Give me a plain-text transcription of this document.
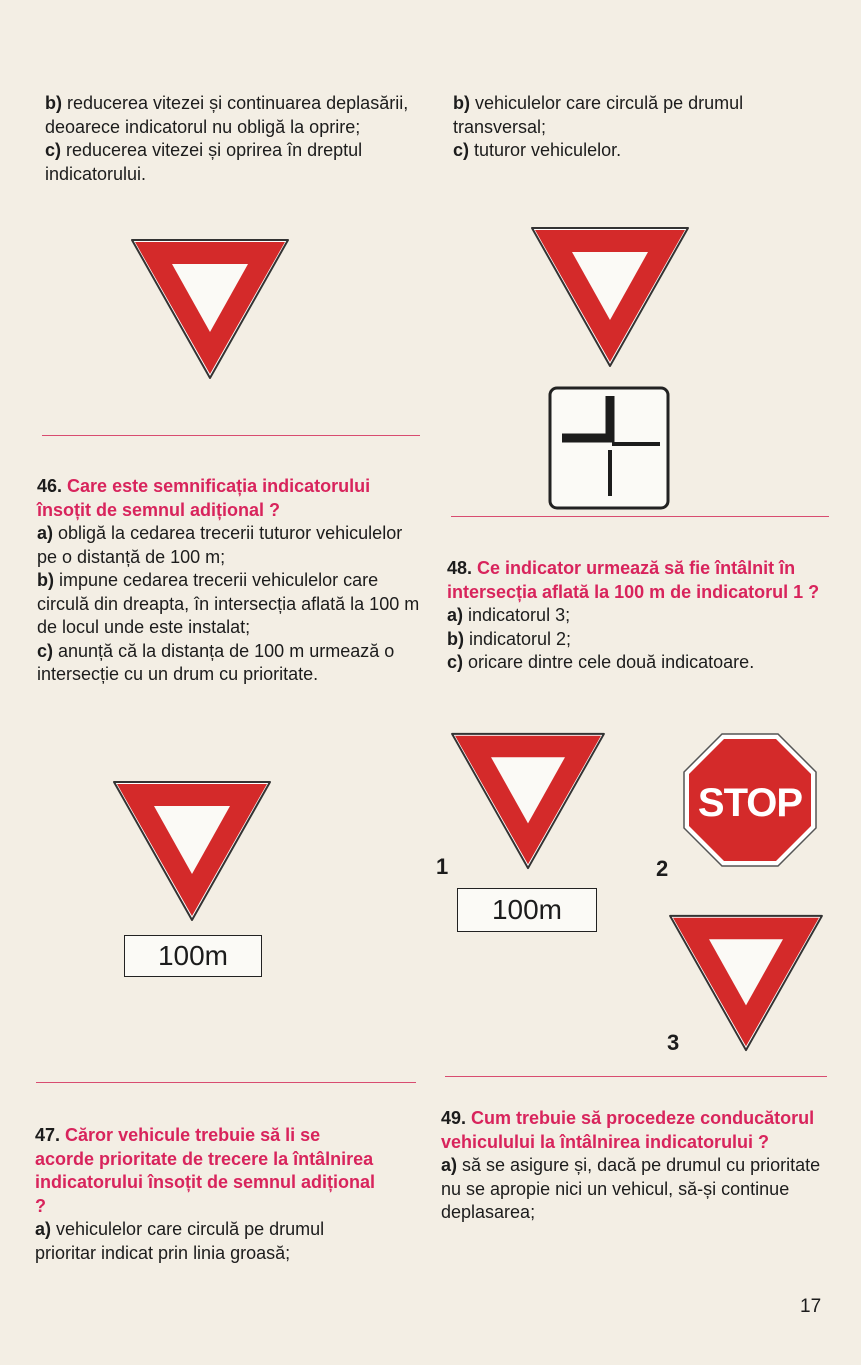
b) reducerea vitezei și continuarea deplasării, deoarece indicatorul nu obligă la oprire;

c) reducerea vitezei și oprirea în dreptul indicatorului.

46. Care este semnificația indicatorului însoțit de semnul adițional ?

a) obligă la cedarea trecerii tuturor vehiculelor pe o distanță de 100 m;

b) impune cedarea trecerii vehiculelor care circulă din dreapta, în intersecția aflată la 100 m de locul unde este instalat;

c) anunță că la distanța de 100 m urmează o intersecție cu un drum cu prioritate.

100m

47. Căror vehicule trebuie să li se acorde prioritate de trecere la întâlnirea indicatorului însoțit de semnul adițional ?

a) vehiculelor care circulă pe drumul prioritar indicat prin linia groasă;

b) vehiculelor care circulă pe drumul transversal;

c) tuturor vehiculelor.

48. Ce indicator urmează să fie întâlnit în intersecția aflată la 100 m de indicatorul 1 ?

a) indicatorul 3;

b) indicatorul 2;

c) oricare dintre cele două indicatoare.

1
100m
STOP
2
3

49. Cum trebuie să procedeze conducătorul vehiculului la întâlnirea indicatorului ?

a) să se asigure și, dacă pe drumul cu prioritate nu se apropie nici un vehicul, să-și continue deplasarea;

17
